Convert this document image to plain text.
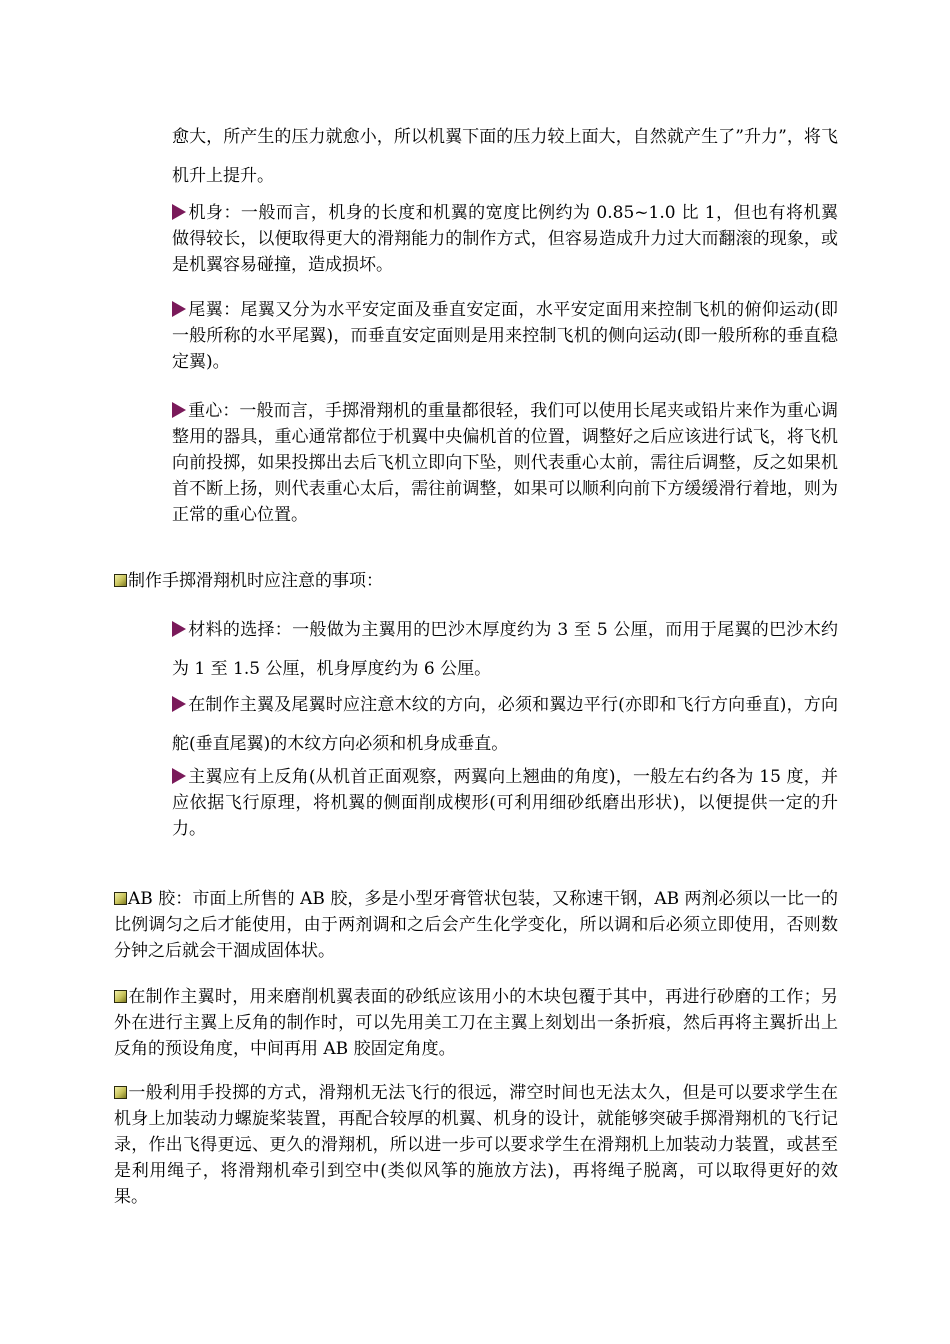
愈大，所产生的压力就愈小，所以机翼下面的压力较上面大，自然就产生了”升力”，将飞机升上提升。

机身：一般而言，机身的长度和机翼的宽度比例约为 0.85~1.0 比 1，但也有将机翼做得较长，以便取得更大的滑翔能力的制作方式，但容易造成升力过大而翻滚的现象，或是机翼容易碰撞，造成损坏。

尾翼：尾翼又分为水平安定面及垂直安定面，水平安定面用来控制飞机的俯仰运动(即一般所称的水平尾翼)，而垂直安定面则是用来控制飞机的侧向运动(即一般所称的垂直稳定翼)。

重心：一般而言，手掷滑翔机的重量都很轻，我们可以使用长尾夹或铅片来作为重心调整用的器具，重心通常都位于机翼中央偏机首的位置，调整好之后应该进行试飞，将飞机向前投掷，如果投掷出去后飞机立即向下坠，则代表重心太前，需往后调整，反之如果机首不断上扬，则代表重心太后，需往前调整，如果可以顺利向前下方缓缓滑行着地，则为正常的重心位置。

制作手掷滑翔机时应注意的事项：

材料的选择：一般做为主翼用的巴沙木厚度约为 3 至 5 公厘，而用于尾翼的巴沙木约为 1 至 1.5 公厘，机身厚度约为 6 公厘。

在制作主翼及尾翼时应注意木纹的方向，必须和翼边平行(亦即和飞行方向垂直)，方向舵(垂直尾翼)的木纹方向必须和机身成垂直。

主翼应有上反角(从机首正面观察，两翼向上翘曲的角度)，一般左右约各为 15 度，并应依据飞行原理，将机翼的侧面削成楔形(可利用细砂纸磨出形状)，以便提供一定的升力。

AB 胶：市面上所售的 AB 胶，多是小型牙膏管状包装，又称速干钢，AB 两剂必须以一比一的比例调匀之后才能使用，由于两剂调和之后会产生化学变化，所以调和后必须立即使用，否则数分钟之后就会干涸成固体状。

在制作主翼时，用来磨削机翼表面的砂纸应该用小的木块包覆于其中，再进行砂磨的工作；另外在进行主翼上反角的制作时，可以先用美工刀在主翼上刻划出一条折痕，然后再将主翼折出上反角的预设角度，中间再用 AB 胶固定角度。

一般利用手投掷的方式，滑翔机无法飞行的很远，滞空时间也无法太久，但是可以要求学生在机身上加装动力螺旋桨装置，再配合较厚的机翼、机身的设计，就能够突破手掷滑翔机的飞行记录，作出飞得更远、更久的滑翔机，所以进一步可以要求学生在滑翔机上加装动力装置，或甚至是利用绳子，将滑翔机牵引到空中(类似风筝的施放方法)，再将绳子脱离，可以取得更好的效果。
